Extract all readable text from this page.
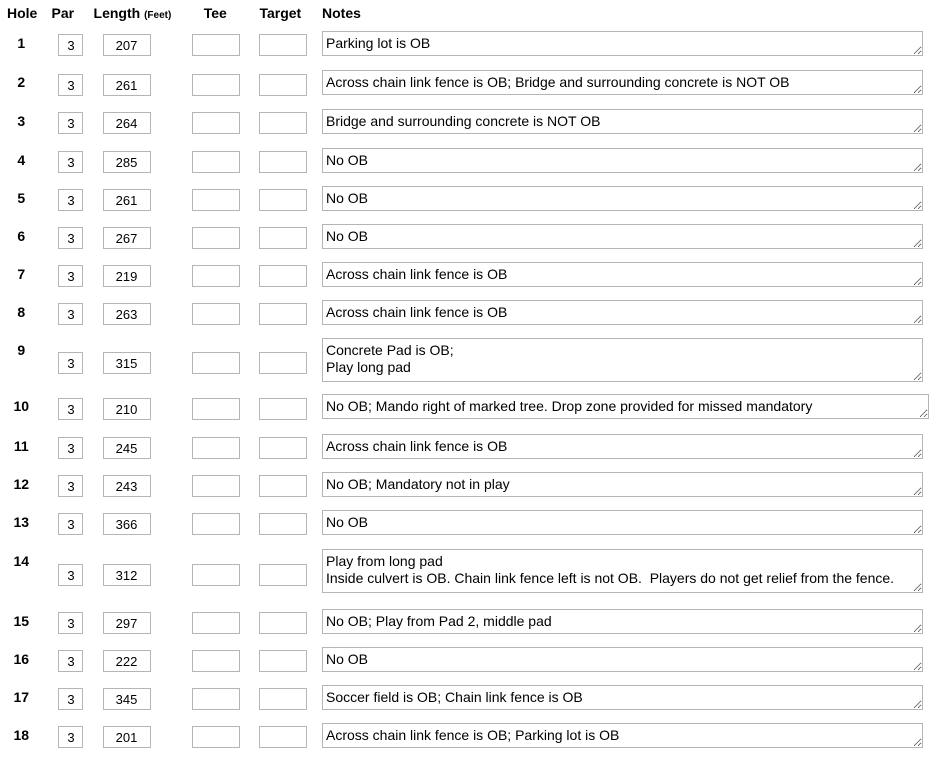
Hole	Par	Length (Feet)	Tee	Target	Notes
1	3	207			Parking lot is OB
2	3	261			Across chain link fence is OB; Bridge and surrounding concrete is NOT OB
3	3	264			Bridge and surrounding concrete is NOT OB
4	3	285			No OB
5	3	261			No OB
6	3	267			No OB
7	3	219			Across chain link fence is OB
8	3	263			Across chain link fence is OB
9	3	315			Concrete Pad is OB; Play long pad
10	3	210			No OB; Mando right of marked tree. Drop zone provided for missed mandatory
11	3	245			Across chain link fence is OB
12	3	243			No OB; Mandatory not in play
13	3	366			No OB
14	3	312			Play from long pad Inside culvert is OB. Chain link fence left is not OB. Players do not get relief from the fence.
15	3	297			No OB; Play from Pad 2, middle pad
16	3	222			No OB
17	3	345			Soccer field is OB; Chain link fence is OB
18	3	201			Across chain link fence is OB; Parking lot is OB
